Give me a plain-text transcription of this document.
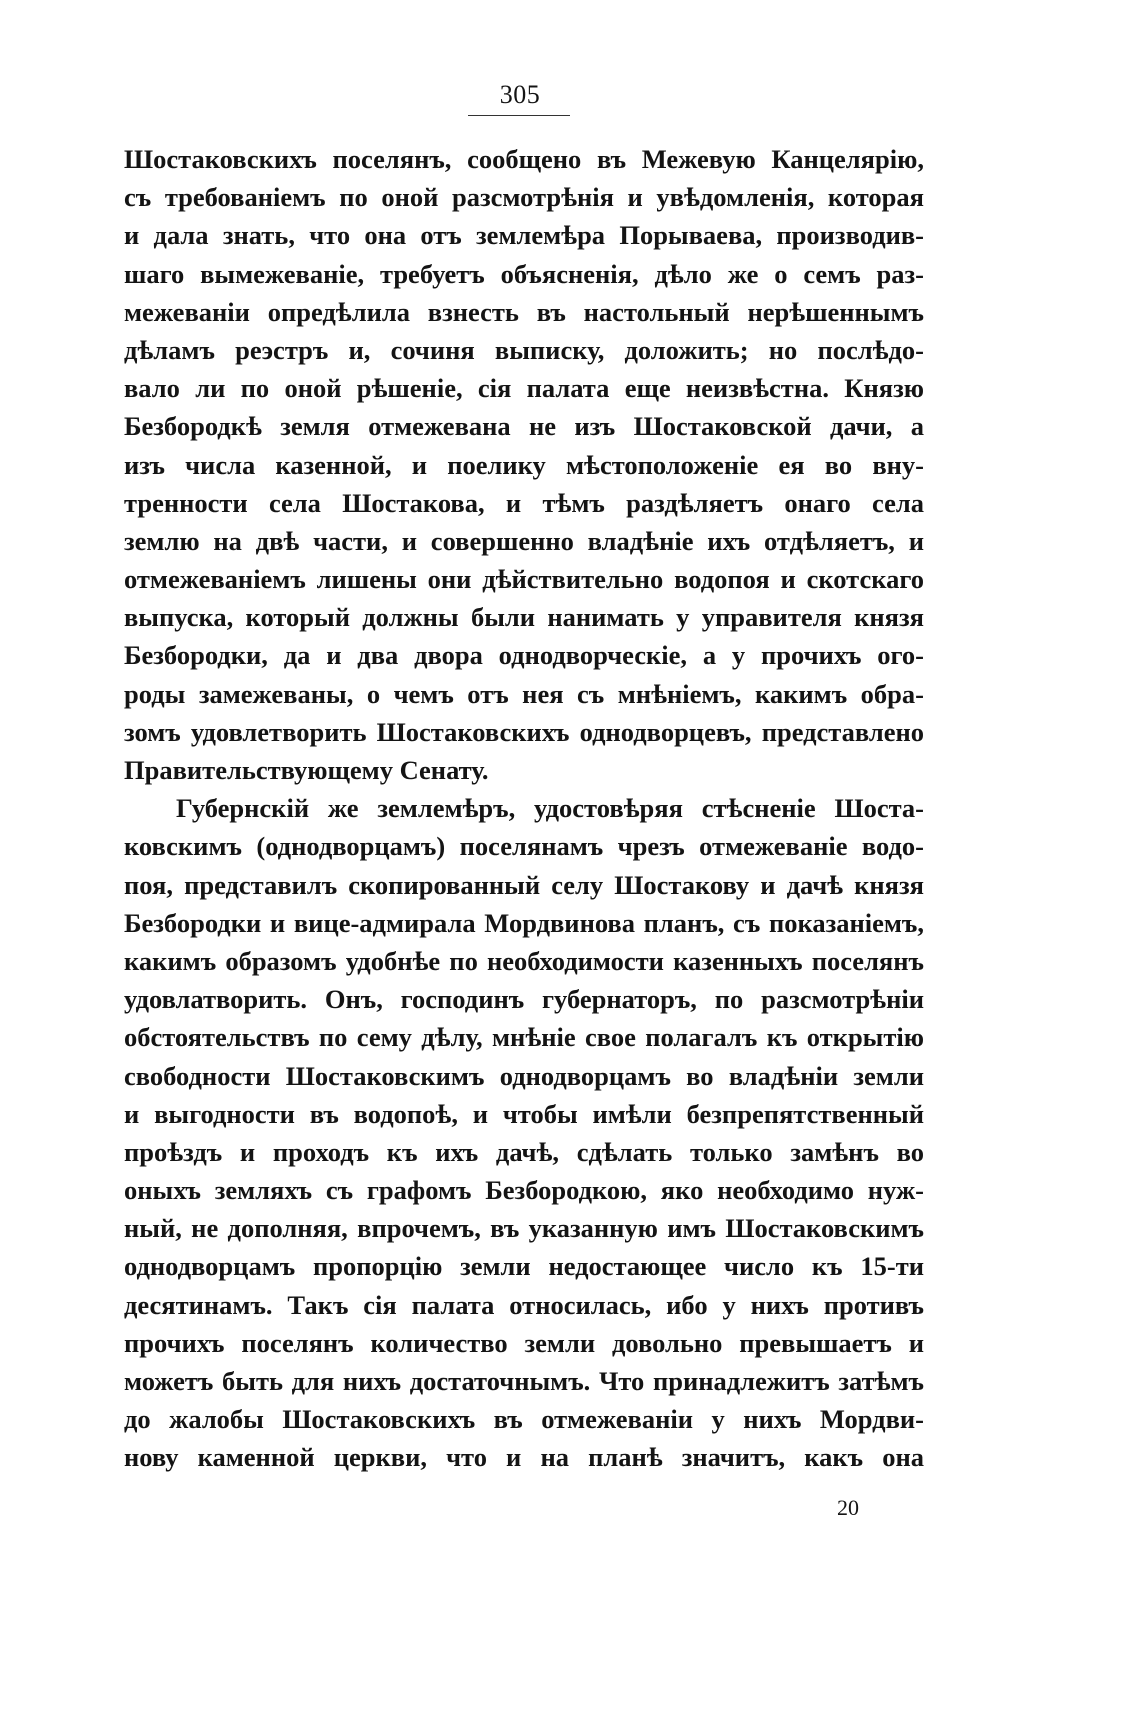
305
Шостаковскихъ поселянъ, сообщено въ Межевую Канцелярію,
съ требованіемъ по оной разсмотрѣнія и увѣдомленія, которая
и дала знать, что она отъ землемѣра Порываева, производив-
шаго вымежеваніе, требуетъ объясненія, дѣло же о семъ раз-
межеваніи опредѣлила взнесть въ настольный нерѣшеннымъ
дѣламъ реэстръ и, сочиня выписку, доложить; но послѣдо-
вало ли по оной рѣшеніе, сія палата еще неизвѣстна. Князю
Безбородкѣ земля отмежевана не изъ Шостаковской дачи, а
изъ числа казенной, и поелику мѣстоположеніе ея во вну-
тренности села Шостакова, и тѣмъ раздѣляетъ онаго села
землю на двѣ части, и совершенно владѣніе ихъ отдѣляетъ, и
отмежеваніемъ лишены они дѣйствительно водопоя и скотскаго
выпуска, который должны были нанимать у управителя князя
Безбородки, да и два двора однодворческіе, а у прочихъ ого-
роды замежеваны, о чемъ отъ нея съ мнѣніемъ, какимъ обра-
зомъ удовлетворить Шостаковскихъ однодворцевъ, представлено
Правительствующему Сенату.
Губернскій же землемѣръ, удостовѣряя стѣсненіе Шоста-
ковскимъ (однодворцамъ) поселянамъ чрезъ отмежеваніе водо-
поя, представилъ скопированный селу Шостакову и дачѣ князя
Безбородки и вице-адмирала Мордвинова планъ, съ показаніемъ,
какимъ образомъ удобнѣе по необходимости казенныхъ поселянъ
удовлатворить. Онъ, господинъ губернаторъ, по разсмотрѣніи
обстоятельствъ по сему дѣлу, мнѣніе свое полагалъ къ открытію
свободности Шостаковскимъ однодворцамъ во владѣніи земли
и выгодности въ водопоѣ, и чтобы имѣли безпрепятственный
проѣздъ и проходъ къ ихъ дачѣ, сдѣлать только замѣнъ во
оныхъ земляхъ съ графомъ Безбородкою, яко необходимо нуж-
ный, не дополняя, впрочемъ, въ указанную имъ Шостаковскимъ
однодворцамъ пропорцію земли недостающее число къ 15-ти
десятинамъ. Такъ сія палата относилась, ибо у нихъ противъ
прочихъ поселянъ количество земли довольно превышаетъ и
можетъ быть для нихъ достаточнымъ. Что принадлежитъ затѣмъ
до жалобы Шостаковскихъ въ отмежеваніи у нихъ Мордви-
нову каменной церкви, что и на планѣ значитъ, какъ она
20
